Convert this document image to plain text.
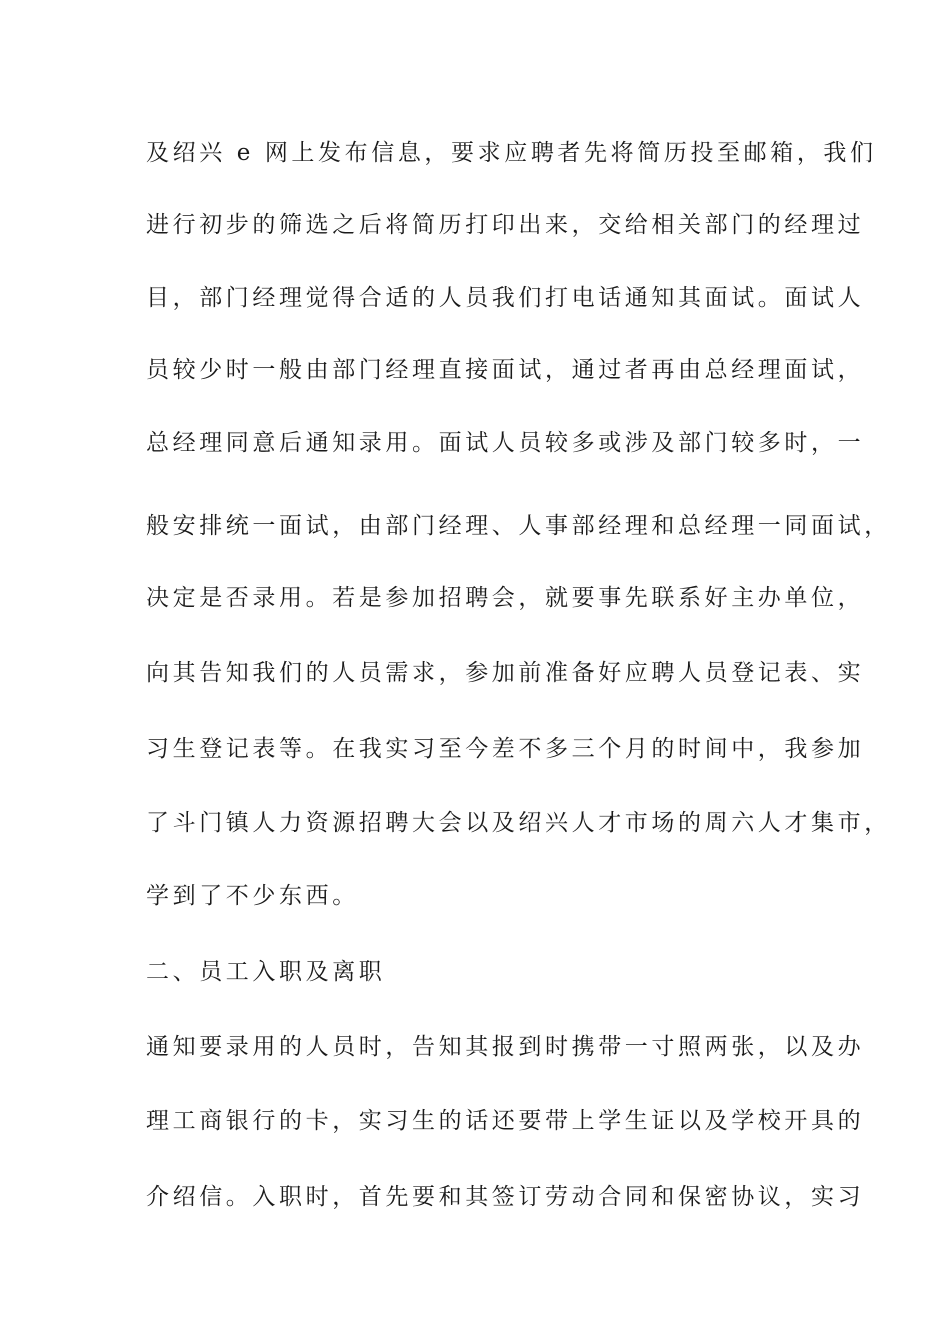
及绍兴 e 网上发布信息，要求应聘者先将简历投至邮箱，我们
进行初步的筛选之后将简历打印出来，交给相关部门的经理过
目，部门经理觉得合适的人员我们打电话通知其面试。面试人
员较少时一般由部门经理直接面试，通过者再由总经理面试，
总经理同意后通知录用。面试人员较多或涉及部门较多时，一
般安排统一面试，由部门经理、人事部经理和总经理一同面试，
决定是否录用。若是参加招聘会，就要事先联系好主办单位，
向其告知我们的人员需求，参加前准备好应聘人员登记表、实
习生登记表等。在我实习至今差不多三个月的时间中，我参加
了斗门镇人力资源招聘大会以及绍兴人才市场的周六人才集市，
学到了不少东西。
二、员工入职及离职
通知要录用的人员时，告知其报到时携带一寸照两张，以及办
理工商银行的卡，实习生的话还要带上学生证以及学校开具的
介绍信。入职时，首先要和其签订劳动合同和保密协议，实习
